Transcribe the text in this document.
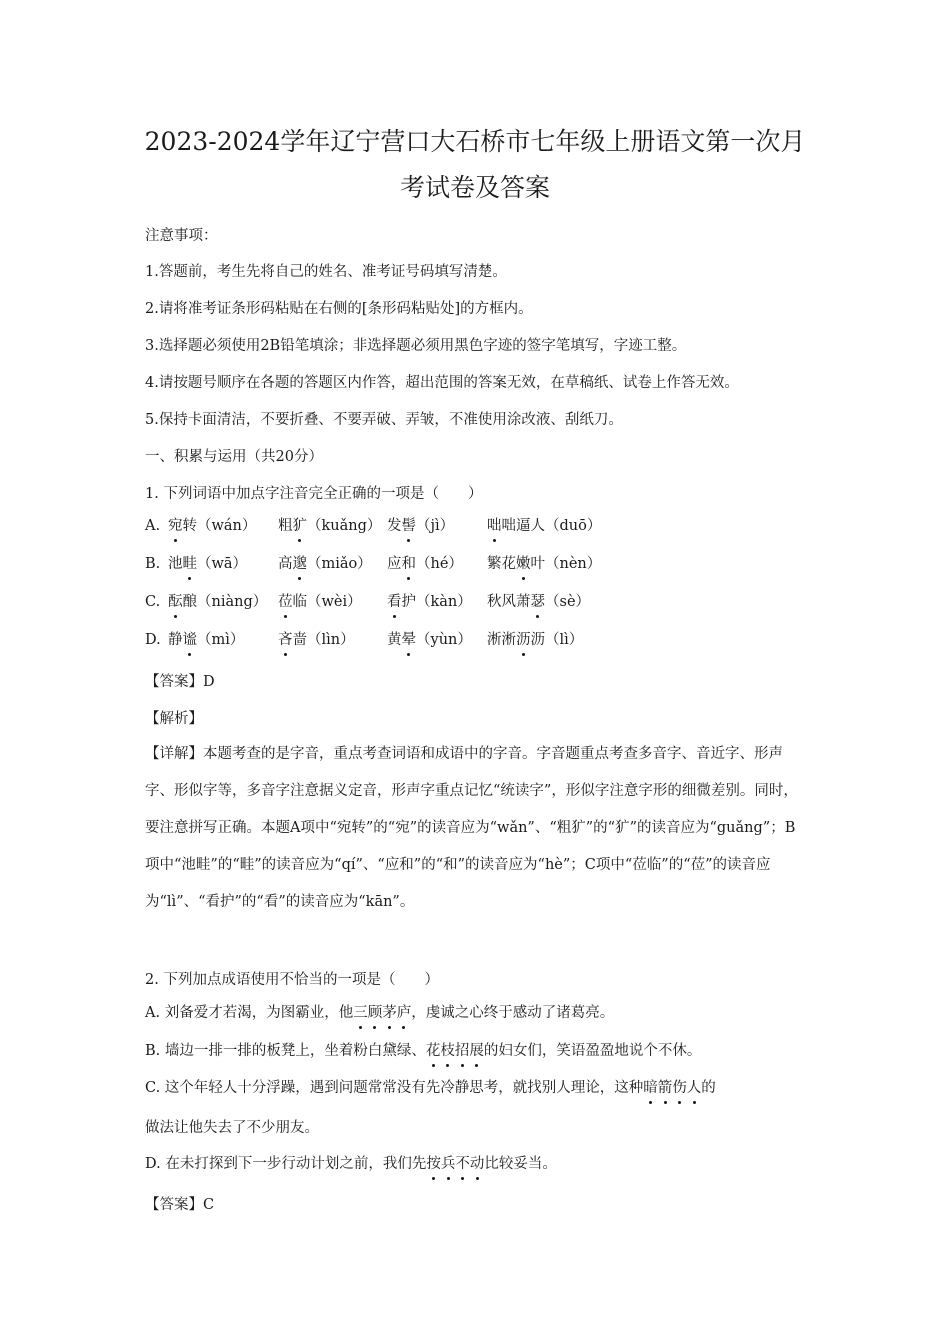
2023-2024学年辽宁营口大石桥市七年级上册语文第一次月
考试卷及答案
注意事项：
1.答题前，考生先将自己的姓名、准考证号码填写清楚。
2.请将准考证条形码粘贴在右侧的[条形码粘贴处]的方框内。
3.选择题必须使用2B铅笔填涂；非选择题必须用黑色字迹的签字笔填写，字迹工整。
4.请按题号顺序在各题的答题区内作答，超出范围的答案无效，在草稿纸、试卷上作答无效。
5.保持卡面清洁，不要折叠、不要弄破、弄皱，不准使用涂改液、刮纸刀。
一、积累与运用（共20分）
1. 下列词语中加点字注音完全正确的一项是（　　）
A. 宛转（wán） 粗犷（kuǎng） 发髻（jì） 咄咄逼人（duō）
B. 池畦（wā） 高邈（miǎo） 应和（hé） 繁花嫩叶（nèn）
C. 酝酿（niàng） 莅临（wèi） 看护（kàn） 秋风萧瑟（sè）
D. 静谧（mì） 吝啬（lìn） 黄晕（yùn） 淅淅沥沥（lì）
【答案】D
【解析】
【详解】本题考查的是字音，重点考查词语和成语中的字音。字音题重点考查多音字、音近字、形声字、形似字等，多音字注意据义定音，形声字重点记忆“统读字”，形似字注意字形的细微差别。同时，要注意拼写正确。本题A项中“宛转”的“宛”的读音应为“wǎn”、“粗犷”的“犷”的读音应为“guǎng”；B项中“池畦”的“畦”的读音应为“qí”、“应和”的“和”的读音应为“hè”；C项中“莅临”的“莅”的读音应为“lì”、“看护”的“看”的读音应为“kān”。
2. 下列加点成语使用不恰当的一项是（　　）
A. 刘备爱才若渴，为图霸业，他三顾茅庐，虔诚之心终于感动了诸葛亮。
B. 墙边一排一排的板凳上，坐着粉白黛绿、花枝招展的妇女们，笑语盈盈地说个不休。
C. 这个年轻人十分浮躁，遇到问题常常没有先冷静思考，就找别人理论，这种暗箭伤人的
做法让他失去了不少朋友。
D. 在未打探到下一步行动计划之前，我们先按兵不动比较妥当。
【答案】C
